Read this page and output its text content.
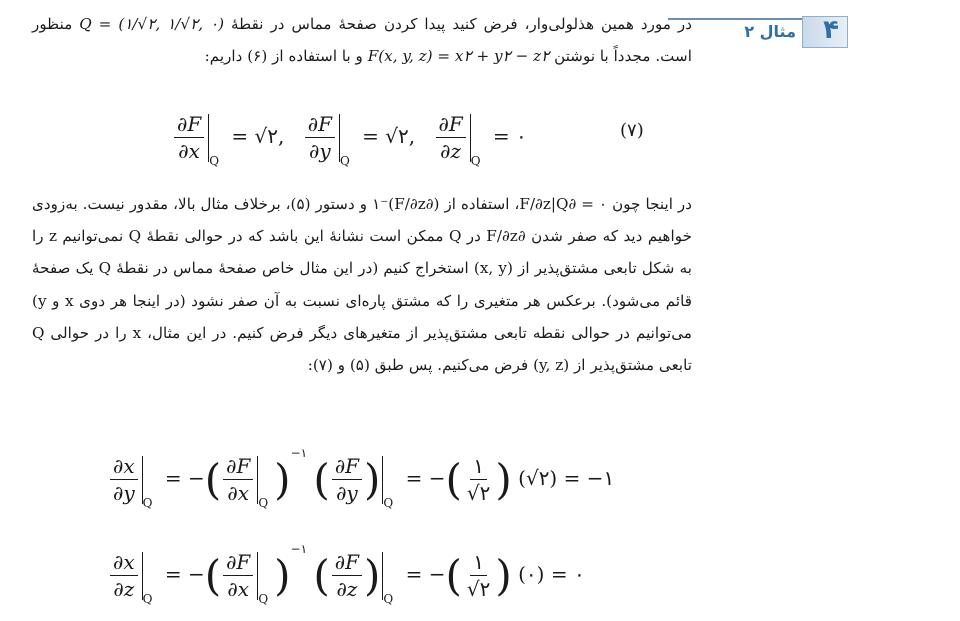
۴
مثال ۲
در مورد همین هذلولی‌وار، فرض کنید پیدا کردن صفحهٔ مماس در نقطهٔ Q = (۱/√۲, ۱/√۲, ۰) منظور است. مجدداً با نوشتن F(x, y, z) = x۲ + y۲ − z۲ و با استفاده از (۶) داریم:
$\frac{\partial F}{\partial x} _Q$ = √۲, $\frac{\partial F}{\partial y} _Q$ = √۲, $\frac{\partial F}{\partial z} _Q$ = ۰	(۷)
در اینجا چون ۰ = ∂F/∂z|Q، استفاده از (∂F/∂z)⁻۱ و دستور (۵)، برخلاف مثال بالا، مقدور نیست. به‌زودی خواهیم دید که صفر شدن ∂F/∂z در Q ممکن است نشانهٔ این باشد که در حوالی نقطهٔ Q نمی‌توانیم z را به شکل تابعی مشتق‌پذیر از (x, y) استخراج کنیم (در این مثال خاص صفحهٔ مماس در نقطهٔ Q یک صفحهٔ قائم می‌شود). برعکس هر متغیری را که مشتق پاره‌ای نسبت به آن صفر نشود (در اینجا هر دوی x و y) می‌توانیم در حوالی نقطه تابعی مشتق‌پذیر از متغیرهای دیگر فرض کنیم. در این مثال، x را در حوالی Q تابعی مشتق‌پذیر از (y, z) فرض می‌کنیم. پس طبق (۵) و (۷):
$\frac{\partial x}{\partial y} _Q$ = −( $\frac{\partial F}{\partial x} _Q$ )$^{-۱}$ ( $\frac{\partial F}{\partial y}$ ) $_Q$ = −( $\frac{۱}{√۲}$ ) (√۲) = −۱
$\frac{\partial x}{\partial z} _Q$ = −( $\frac{\partial F}{\partial x} _Q$ )$^{-۱}$ ( $\frac{\partial F}{\partial z}$ ) $_Q$ = −( $\frac{۱}{√۲}$ ) (۰) = ۰
